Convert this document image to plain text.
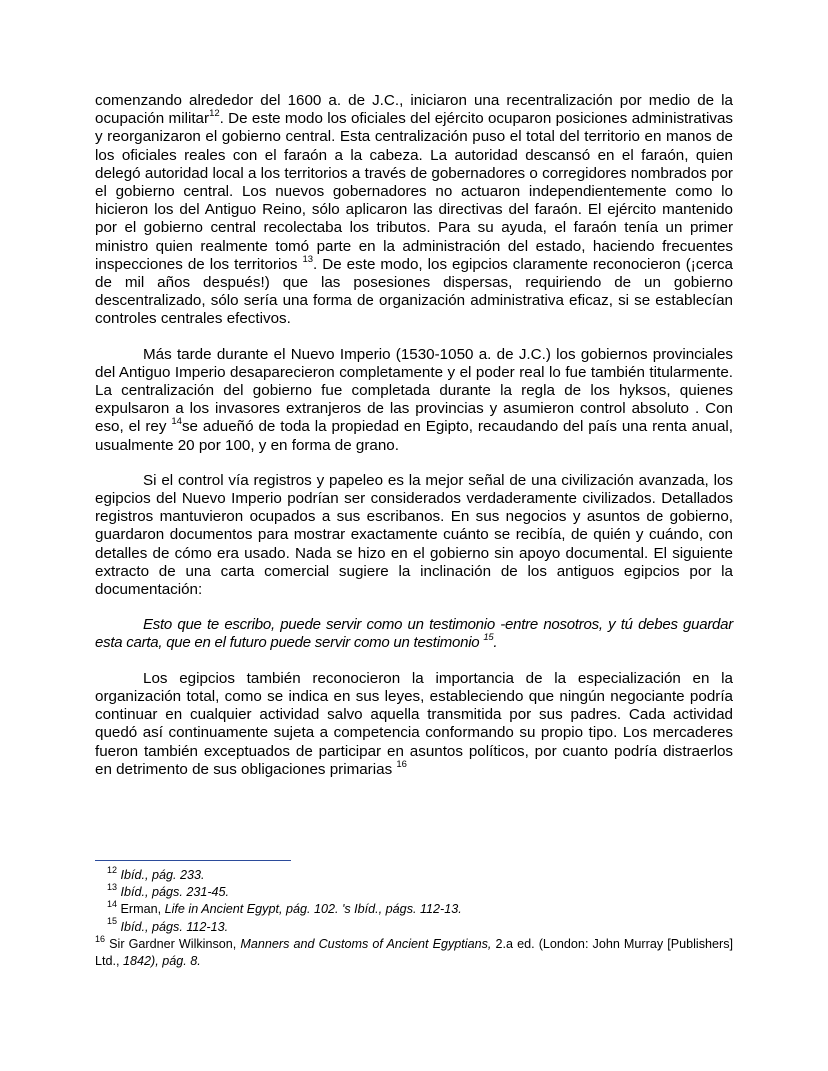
comenzando alrededor del 1600 a. de J.C., iniciaron una recentralización por medio de la ocupación militar$^{12}$. De este modo los oficiales del ejército ocuparon posiciones administrativas y reorganizaron el gobierno central. Esta centralización puso el total del territorio en manos de los oficiales reales con el faraón a la cabeza. La autoridad descansó en el faraón, quien delegó autoridad local a los territorios a través de gobernadores o corregidores nombrados por el gobierno central. Los nuevos gobernadores no actuaron independientemente como lo hicieron los del Antiguo Reino, sólo aplicaron las directivas del faraón. El ejército mantenido por el gobierno central recolectaba los tributos. Para su ayuda, el faraón tenía un primer ministro quien realmente tomó parte en la administración del estado, haciendo frecuentes inspecciones de los territorios $^{13}$. De este modo, los egipcios claramente reconocieron (¡cerca de mil años después!) que las posesiones dispersas, requiriendo de un gobierno descentralizado, sólo sería una forma de organización administrativa eficaz, si se establecían controles centrales efectivos.

Más tarde durante el Nuevo Imperio (1530-1050 a. de J.C.) los gobiernos provinciales del Antiguo Imperio desaparecieron completamente y el poder real lo fue también titularmente. La centralización del gobierno fue completada durante la regla de los hyksos, quienes expulsaron a los invasores extranjeros de las provincias y asumieron control absoluto . Con eso, el rey $^{14}$se adueñó de toda la propiedad en Egipto, recaudando del país una renta anual, usualmente 20 por 100, y en forma de grano.

Si el control vía registros y papeleo es la mejor señal de una civilización avanzada, los egipcios del Nuevo Imperio podrían ser considerados verdaderamente civilizados. Detallados registros mantuvieron ocupados a sus escribanos. En sus negocios y asuntos de gobierno, guardaron documentos para mostrar exactamente cuánto se recibía, de quién y cuándo, con detalles de cómo era usado. Nada se hizo en el gobierno sin apoyo documental. El siguiente extracto de una carta comercial sugiere la inclinación de los antiguos egipcios por la documentación:

Esto que te escribo, puede servir como un testimonio -entre nosotros, y tú debes guardar esta carta, que en el futuro puede servir como un testimonio $^{15}$.

Los egipcios también reconocieron la importancia de la especialización en la organización total, como se indica en sus leyes, estableciendo que ningún negociante podría continuar en cualquier actividad salvo aquella transmitida por sus padres. Cada actividad quedó así continuamente sujeta a competencia conformando su propio tipo. Los mercaderes fueron también exceptuados de participar en asuntos políticos, por cuanto podría distraerlos en detrimento de sus obligaciones primarias $^{16}$

$^{12}$ Ibíd., pág. 233.

$^{13}$ Ibíd., págs. 231-45.

$^{14}$ Erman, Life in Ancient Egypt, pág. 102. 's Ibíd., págs. 112-13.

$^{15}$ Ibíd., págs. 112-13.

$^{16}$ Sir Gardner Wilkinson, Manners and Customs of Ancient Egyptians, 2.a ed. (London: John Murray [Publishers] Ltd., 1842), pág. 8.
